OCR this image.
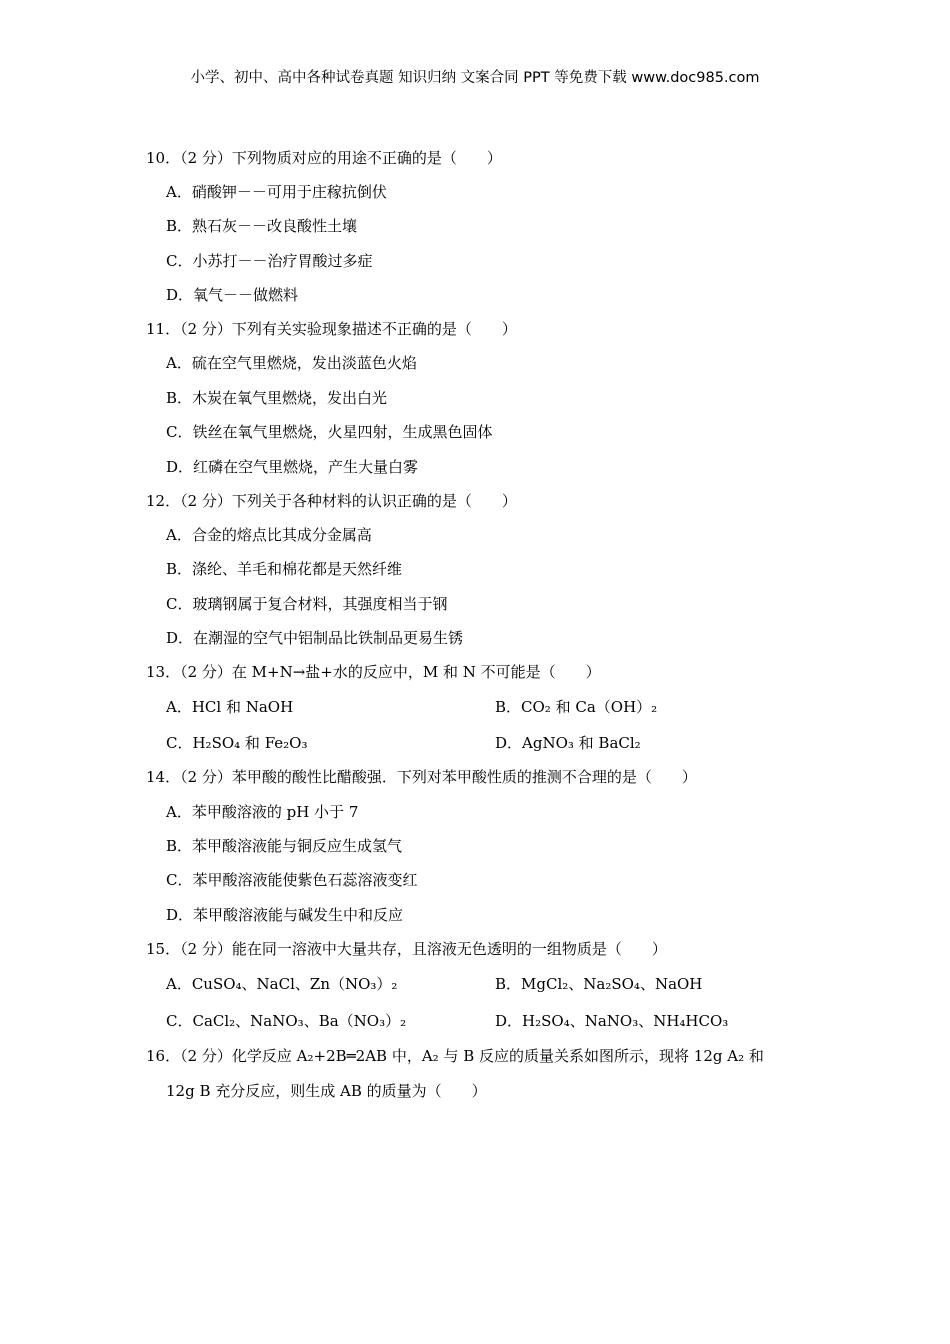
小学、初中、高中各种试卷真题 知识归纳 文案合同 PPT 等免费下载 www.doc985.com
10．（2 分）下列物质对应的用途不正确的是（　　）
A．硝酸钾－－可用于庄稼抗倒伏
B．熟石灰－－改良酸性土壤
C．小苏打－－治疗胃酸过多症
D．氧气－－做燃料
11．（2 分）下列有关实验现象描述不正确的是（　　）
A．硫在空气里燃烧，发出淡蓝色火焰
B．木炭在氧气里燃烧，发出白光
C．铁丝在氧气里燃烧，火星四射，生成黑色固体
D．红磷在空气里燃烧，产生大量白雾
12．（2 分）下列关于各种材料的认识正确的是（　　）
A．合金的熔点比其成分金属高
B．涤纶、羊毛和棉花都是天然纤维
C．玻璃钢属于复合材料，其强度相当于钢
D．在潮湿的空气中铝制品比铁制品更易生锈
13．（2 分）在 M+N→盐+水的反应中，M 和 N 不可能是（　　）
A．HCl 和 NaOH	B．CO₂ 和 Ca（OH）₂
C．H₂SO₄ 和 Fe₂O₃	D．AgNO₃ 和 BaCl₂
14．（2 分）苯甲酸的酸性比醋酸强．下列对苯甲酸性质的推测不合理的是（　　）
A．苯甲酸溶液的 pH 小于 7
B．苯甲酸溶液能与铜反应生成氢气
C．苯甲酸溶液能使紫色石蕊溶液变红
D．苯甲酸溶液能与碱发生中和反应
15．（2 分）能在同一溶液中大量共存，且溶液无色透明的一组物质是（　　）
A．CuSO₄、NaCl、Zn（NO₃）₂	B．MgCl₂、Na₂SO₄、NaOH
C．CaCl₂、NaNO₃、Ba（NO₃）₂	D．H₂SO₄、NaNO₃、NH₄HCO₃
16．（2 分）化学反应 A₂+2B═2AB 中，A₂ 与 B 反应的质量关系如图所示，现将 12g A₂ 和
12g B 充分反应，则生成 AB 的质量为（　　）
